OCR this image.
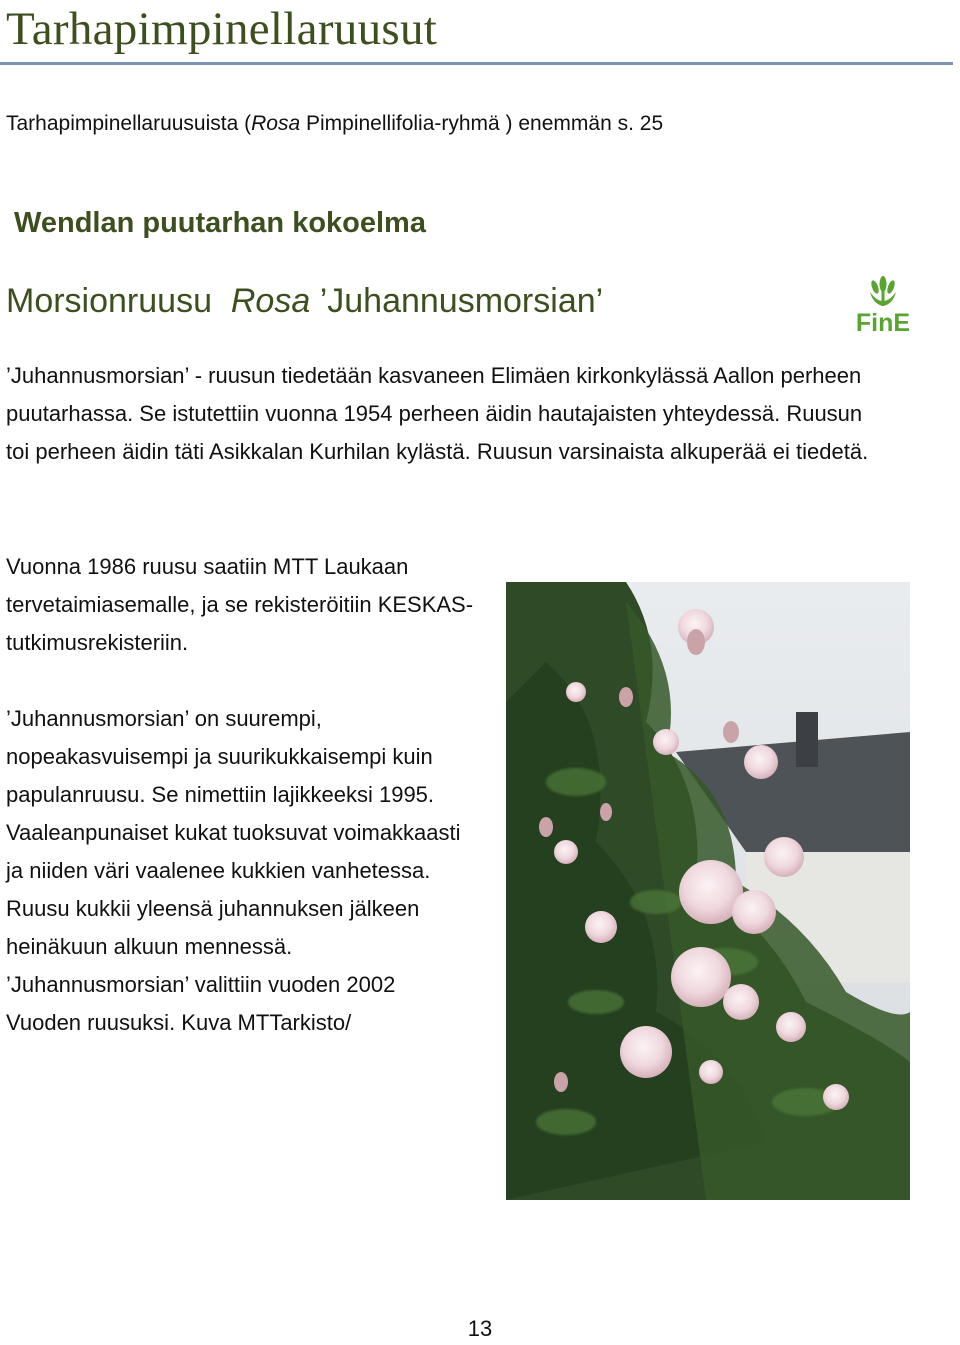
Tarhapimpinellaruusut
Tarhapimpinellaruusuista (Rosa Pimpinellifolia-ryhmä ) enemmän s. 25
Wendlan puutarhan kokoelma
Morsionruusu  Rosa ’Juhannusmorsian’
FinE

’Juhannusmorsian’ - ruusun tiedetään kasvaneen Elimäen kirkonkylässä Aallon perheen puutarhassa. Se istutettiin vuonna 1954 perheen äidin hautajaisten yhteydessä. Ruusun toi perheen äidin täti Asikkalan Kurhilan kylästä. Ruusun varsinaista alkuperää ei tiedetä.

Vuonna 1986 ruusu saatiin MTT Laukaan tervetaimiasemalle, ja se rekisteröitiin KESKAS-tutkimusrekisteriin.

’Juhannusmorsian’ on suurempi, nopeakasvuisempi ja suurikukkaisempi kuin papulanruusu. Se nimettiin lajikkeeksi 1995. Vaaleanpunaiset kukat tuoksuvat voimakkaasti ja niiden väri vaalenee kukkien vanhetessa. Ruusu kukkii yleensä juhannuksen jälkeen heinäkuun alkuun mennessä. ’Juhannusmorsian’ valittiin vuoden 2002 Vuoden ruusuksi. Kuva MTTarkisto/

13
